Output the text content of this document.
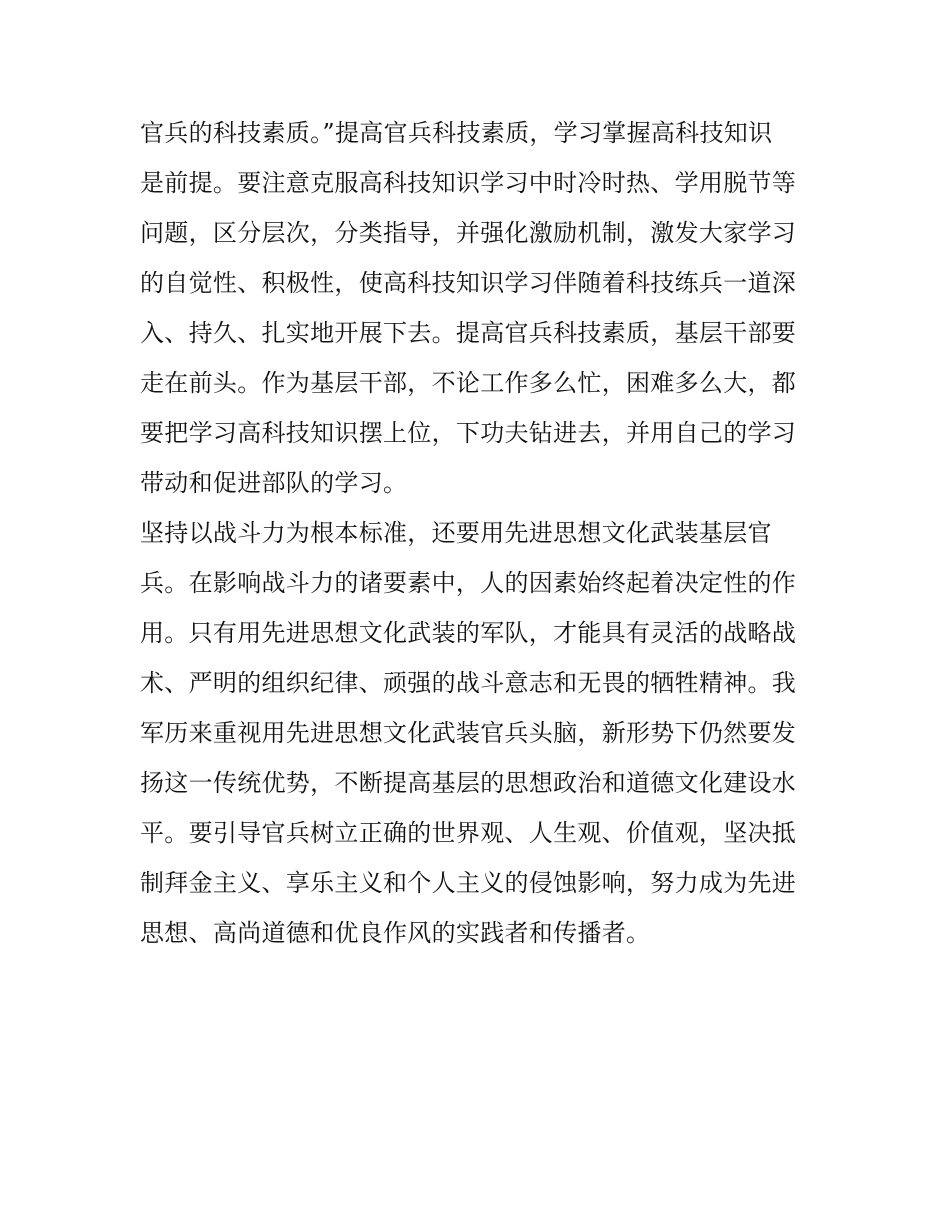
官兵的科技素质。”提高官兵科技素质，学习掌握高科技知识
是前提。要注意克服高科技知识学习中时冷时热、学用脱节等
问题，区分层次，分类指导，并强化激励机制，激发大家学习
的自觉性、积极性，使高科技知识学习伴随着科技练兵一道深
入、持久、扎实地开展下去。提高官兵科技素质，基层干部要
走在前头。作为基层干部，不论工作多么忙，困难多么大，都
要把学习高科技知识摆上位，下功夫钻进去，并用自己的学习
带动和促进部队的学习。
坚持以战斗力为根本标准，还要用先进思想文化武装基层官
兵。在影响战斗力的诸要素中，人的因素始终起着决定性的作
用。只有用先进思想文化武装的军队，才能具有灵活的战略战
术、严明的组织纪律、顽强的战斗意志和无畏的牺牲精神。我
军历来重视用先进思想文化武装官兵头脑，新形势下仍然要发
扬这一传统优势，不断提高基层的思想政治和道德文化建设水
平。要引导官兵树立正确的世界观、人生观、价值观，坚决抵
制拜金主义、享乐主义和个人主义的侵蚀影响，努力成为先进
思想、高尚道德和优良作风的实践者和传播者。
